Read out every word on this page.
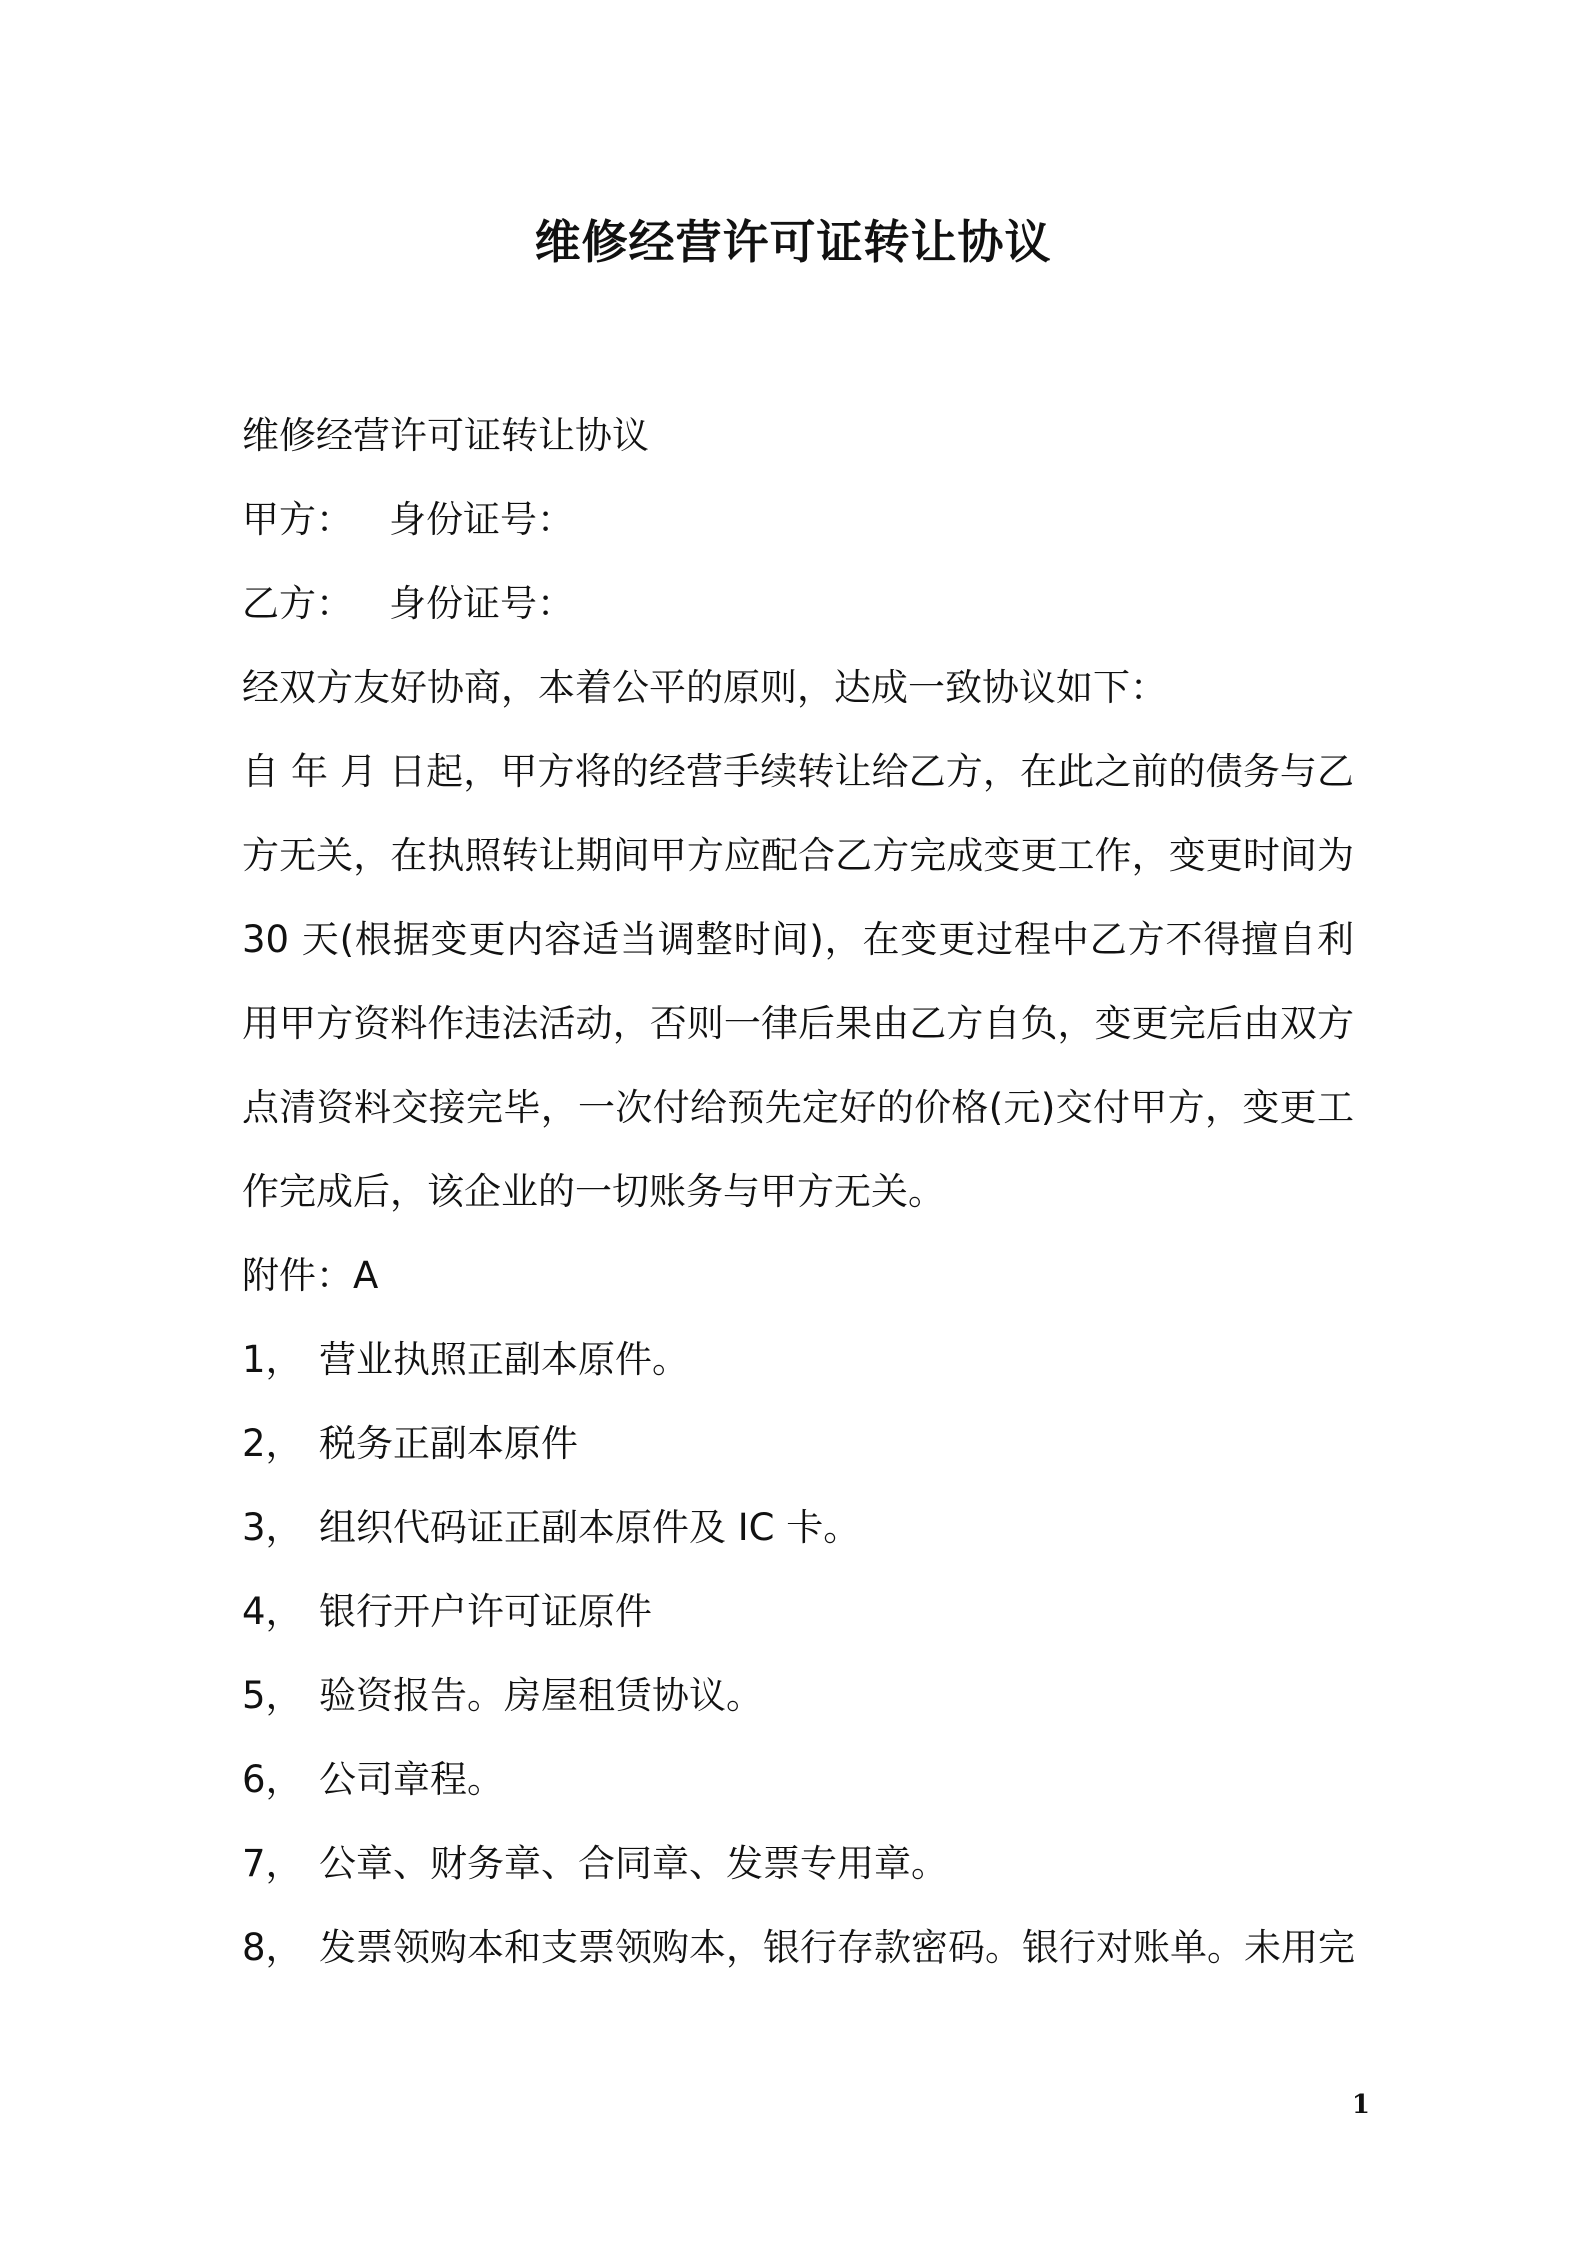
维修经营许可证转让协议
维修经营许可证转让协议
甲方： 身份证号：
乙方： 身份证号：
经双方友好协商，本着公平的原则，达成一致协议如下：
自 年 月 日起，甲方将的经营手续转让给乙方，在此之前的债务与乙方无关，在执照转让期间甲方应配合乙方完成变更工作，变更时间为 30 天(根据变更内容适当调整时间)，在变更过程中乙方不得擅自利用甲方资料作违法活动，否则一律后果由乙方自负，变更完后由双方点清资料交接完毕，一次付给预先定好的价格(元)交付甲方，变更工作完成后，该企业的一切账务与甲方无关。
附件：A
1， 营业执照正副本原件。
2， 税务正副本原件
3， 组织代码证正副本原件及 IC 卡。
4， 银行开户许可证原件
5， 验资报告。房屋租赁协议。
6， 公司章程。
7， 公章、财务章、合同章、发票专用章。
8， 发票领购本和支票领购本，银行存款密码。银行对账单。未用完
1
